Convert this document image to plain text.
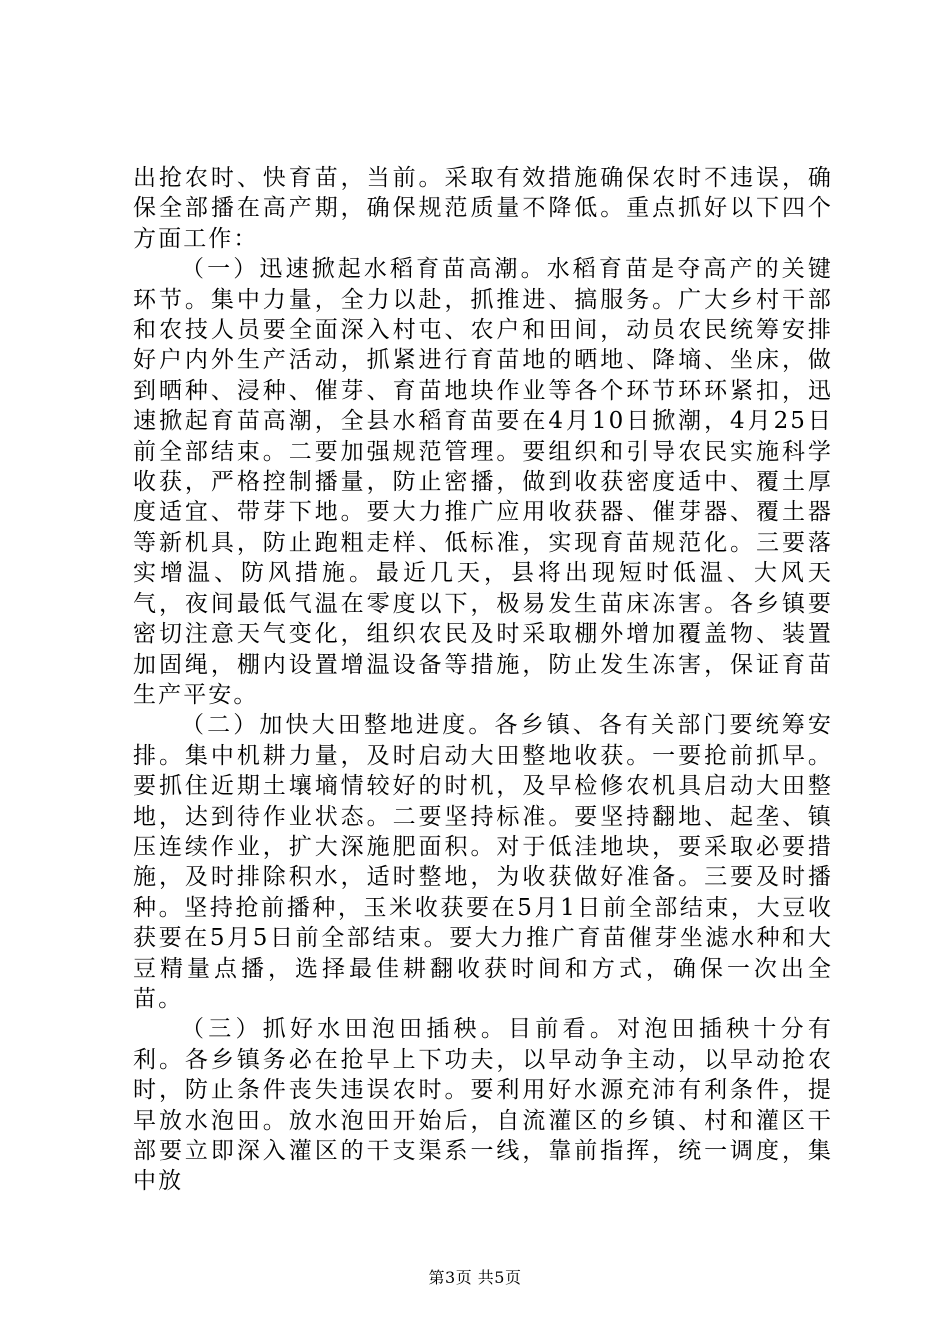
出抢农时、快育苗，当前。采取有效措施确保农时不违误，确保全部播在高产期，确保规范质量不降低。重点抓好以下四个方面工作：

（一）迅速掀起水稻育苗高潮。水稻育苗是夺高产的关键环节。集中力量，全力以赴，抓推进、搞服务。广大乡村干部和农技人员要全面深入村屯、农户和田间，动员农民统筹安排好户内外生产活动，抓紧进行育苗地的晒地、降墒、坐床，做到晒种、浸种、催芽、育苗地块作业等各个环节环环紧扣，迅速掀起育苗高潮，全县水稻育苗要在4月10日掀潮，4月25日前全部结束。二要加强规范管理。要组织和引导农民实施科学收获，严格控制播量，防止密播，做到收获密度适中、覆土厚度适宜、带芽下地。要大力推广应用收获器、催芽器、覆土器等新机具，防止跑粗走样、低标准，实现育苗规范化。三要落实增温、防风措施。最近几天，县将出现短时低温、大风天气，夜间最低气温在零度以下，极易发生苗床冻害。各乡镇要密切注意天气变化，组织农民及时采取棚外增加覆盖物、装置加固绳，棚内设置增温设备等措施，防止发生冻害，保证育苗生产平安。

（二）加快大田整地进度。各乡镇、各有关部门要统筹安排。集中机耕力量，及时启动大田整地收获。一要抢前抓早。要抓住近期土壤墒情较好的时机，及早检修农机具启动大田整地，达到待作业状态。二要坚持标准。要坚持翻地、起垄、镇压连续作业，扩大深施肥面积。对于低洼地块，要采取必要措施，及时排除积水，适时整地，为收获做好准备。三要及时播种。坚持抢前播种，玉米收获要在5月1日前全部结束，大豆收获要在5月5日前全部结束。要大力推广育苗催芽坐滤水种和大豆精量点播，选择最佳耕翻收获时间和方式，确保一次出全苗。

（三）抓好水田泡田插秧。目前看。对泡田插秧十分有利。各乡镇务必在抢早上下功夫，以早动争主动，以早动抢农时，防止条件丧失违误农时。要利用好水源充沛有利条件，提早放水泡田。放水泡田开始后，自流灌区的乡镇、村和灌区干部要立即深入灌区的干支渠系一线，靠前指挥，统一调度，集中放

第3页 共5页
